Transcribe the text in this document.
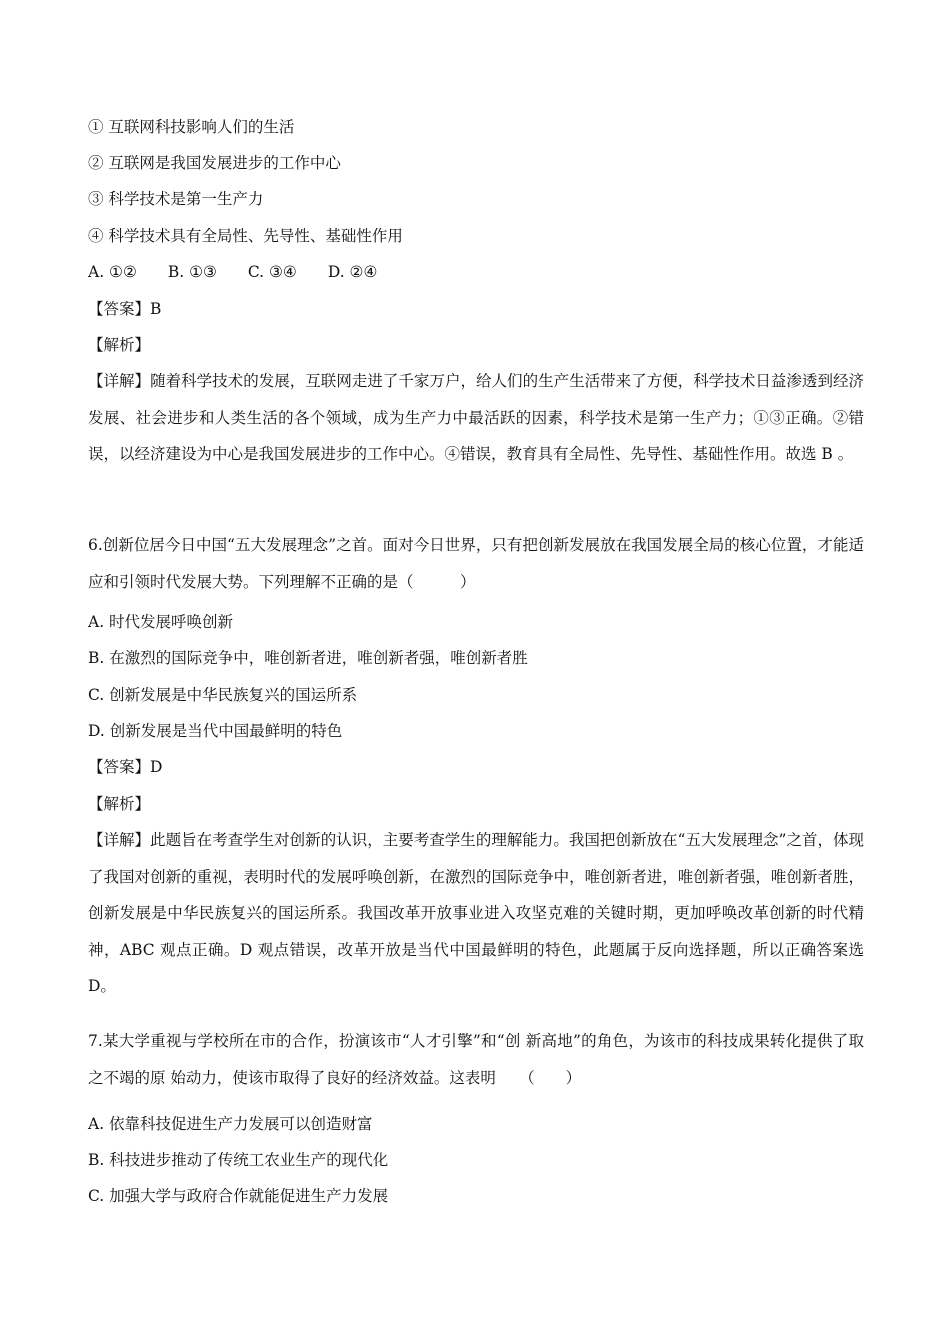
① 互联网科技影响人们的生活
② 互联网是我国发展进步的工作中心
③ 科学技术是第一生产力
④ 科学技术具有全局性、先导性、基础性作用
A. ①②　　B. ①③　　C. ③④　　D. ②④
【答案】B
【解析】
【详解】随着科学技术的发展，互联网走进了千家万户，给人们的生产生活带来了方便，科学技术日益渗透到经济发展、社会进步和人类生活的各个领域，成为生产力中最活跃的因素，科学技术是第一生产力；①③正确。②错误，以经济建设为中心是我国发展进步的工作中心。④错误，教育具有全局性、先导性、基础性作用。故选 B 。
6.创新位居今日中国“五大发展理念”之首。面对今日世界，只有把创新发展放在我国发展全局的核心位置，才能适应和引领时代发展大势。下列理解不正确的是（　　　）
A. 时代发展呼唤创新
B. 在激烈的国际竞争中，唯创新者进，唯创新者强，唯创新者胜
C. 创新发展是中华民族复兴的国运所系
D. 创新发展是当代中国最鲜明的特色
【答案】D
【解析】
【详解】此题旨在考查学生对创新的认识，主要考查学生的理解能力。我国把创新放在“五大发展理念”之首，体现了我国对创新的重视，表明时代的发展呼唤创新，在激烈的国际竞争中，唯创新者进，唯创新者强，唯创新者胜，创新发展是中华民族复兴的国运所系。我国改革开放事业进入攻坚克难的关键时期，更加呼唤改革创新的时代精神，ABC 观点正确。D 观点错误，改革开放是当代中国最鲜明的特色，此题属于反向选择题，所以正确答案选 D。
7.某大学重视与学校所在市的合作，扮演该市“人才引擎”和“创 新高地”的角色，为该市的科技成果转化提供了取之不竭的原 始动力，使该市取得了良好的经济效益。这表明　　（　　）
A. 依靠科技促进生产力发展可以创造财富
B. 科技进步推动了传统工农业生产的现代化
C. 加强大学与政府合作就能促进生产力发展
